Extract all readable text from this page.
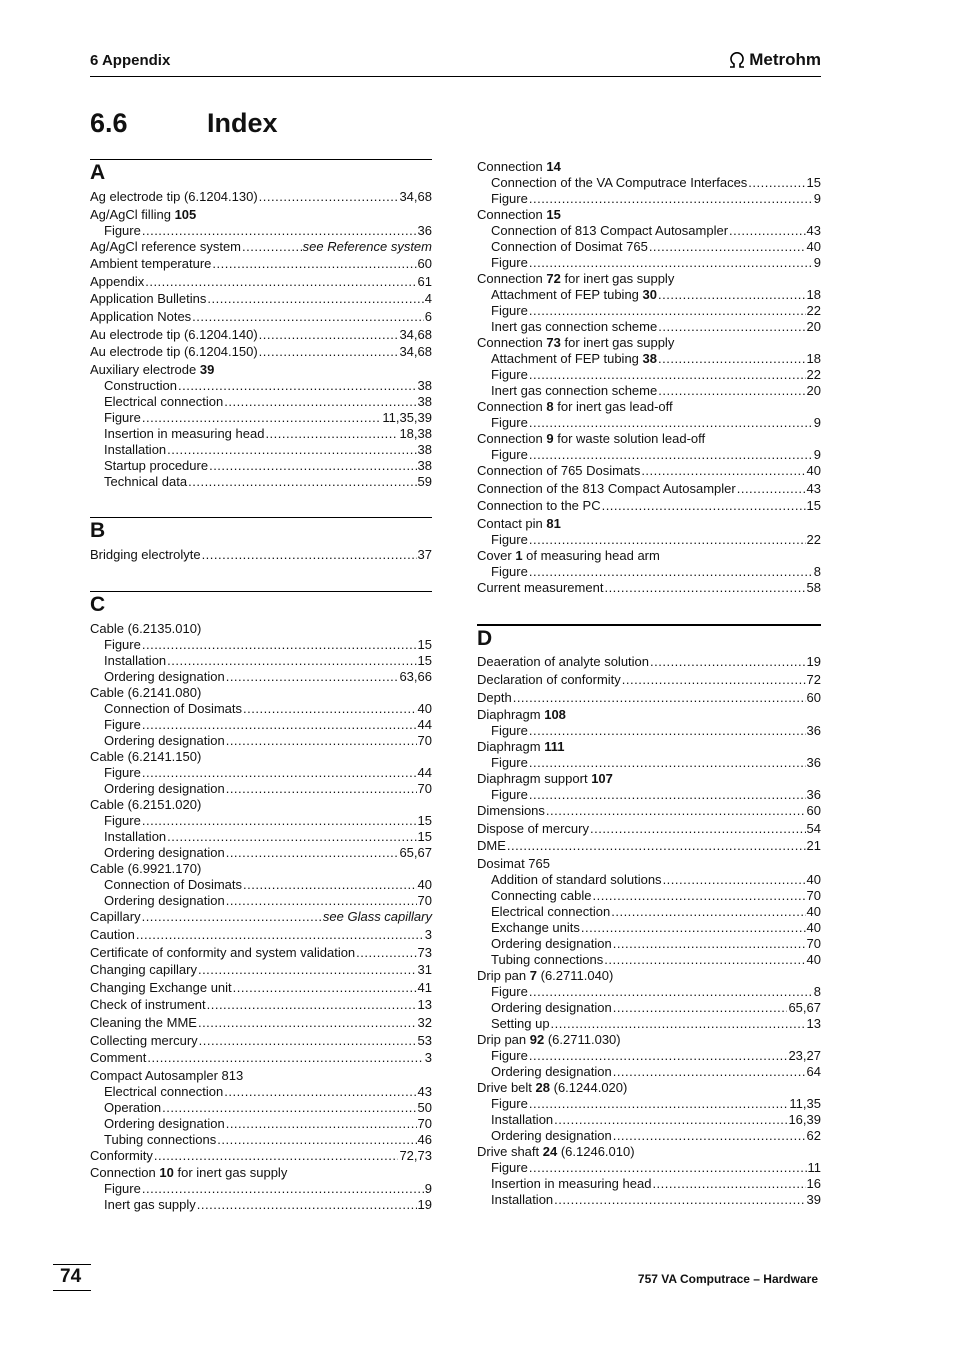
6 Appendix	Metrohm
6.6	Index
A
Ag electrode tip (6.1204.130) .....	34,68
Ag/AgCl filling 105
Figure .....	36
Ag/AgCl reference system .....	see Reference system
Ambient temperature .....	60
Appendix .....	61
Application Bulletins .....	4
Application Notes .....	6
Au electrode tip (6.1204.140) .....	34,68
Au electrode tip (6.1204.150) .....	34,68
Auxiliary electrode 39
Construction .....	38
Electrical connection .....	38
Figure .....	11,35,39
Insertion in measuring head .....	18,38
Installation .....	38
Startup procedure .....	38
Technical data .....	59
B
Bridging electrolyte .....	37
C
Cable (6.2135.010)
Figure .....	15
Installation .....	15
Ordering designation .....	63,66
Cable (6.2141.080)
Connection of Dosimats .....	40
Figure .....	44
Ordering designation .....	70
Cable (6.2141.150)
Figure .....	44
Ordering designation .....	70
Cable (6.2151.020)
Figure .....	15
Installation .....	15
Ordering designation .....	65,67
Cable (6.9921.170)
Connection of Dosimats .....	40
Ordering designation .....	70
Capillary .....	see Glass capillary
Caution .....	3
Certificate of conformity and system validation .....	73
Changing capillary .....	31
Changing Exchange unit .....	41
Check of instrument .....	13
Cleaning the MME .....	32
Collecting mercury .....	53
Comment .....	3
Compact Autosampler 813
Electrical connection .....	43
Operation .....	50
Ordering designation .....	70
Tubing connections .....	46
Conformity .....	72,73
Connection 10 for inert gas supply
Figure .....	9
Inert gas supply .....	19
Connection 14
Connection of the VA Computrace Interfaces .....	15
Figure .....	9
Connection 15
Connection of 813 Compact Autosampler .....	43
Connection of Dosimat 765 .....	40
Figure .....	9
Connection 72 for inert gas supply
Attachment of FEP tubing 30 .....	18
Figure .....	22
Inert gas connection scheme .....	20
Connection 73 for inert gas supply
Attachment of FEP tubing 38 .....	18
Figure .....	22
Inert gas connection scheme .....	20
Connection 8 for inert gas lead-off
Figure .....	9
Connection 9 for waste solution lead-off
Figure .....	9
Connection of 765 Dosimats .....	40
Connection of the 813 Compact Autosampler .....	43
Connection to the PC .....	15
Contact pin 81
Figure .....	22
Cover 1 of measuring head arm
Figure .....	8
Current measurement .....	58
D
Deaeration of analyte solution .....	19
Declaration of conformity .....	72
Depth .....	60
Diaphragm 108
Figure .....	36
Diaphragm 111
Figure .....	36
Diaphragm support 107
Figure .....	36
Dimensions .....	60
Dispose of mercury .....	54
DME .....	21
Dosimat 765
Addition of standard solutions .....	40
Connecting cable .....	70
Electrical connection .....	40
Exchange units .....	40
Ordering designation .....	70
Tubing connections .....	40
Drip pan 7 (6.2711.040)
Figure .....	8
Ordering designation .....	65,67
Setting up .....	13
Drip pan 92 (6.2711.030)
Figure .....	23,27
Ordering designation .....	64
Drive belt 28 (6.1244.020)
Figure .....	11,35
Installation .....	16,39
Ordering designation .....	62
Drive shaft 24 (6.1246.010)
Figure .....	11
Insertion in measuring head .....	16
Installation .....	39
74	757 VA Computrace – Hardware
